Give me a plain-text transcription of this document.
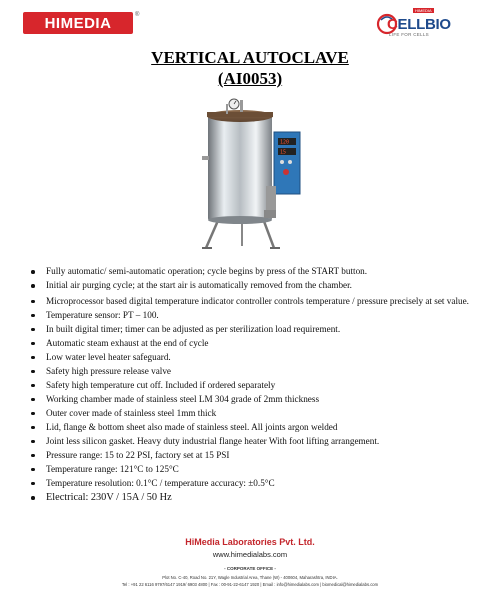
HIMEDIA	®
HIMEDIA
CELLBIO
LIFE FOR CELLS
VERTICAL AUTOCLAVE
(AI0053)
120
15
Fully automatic/ semi-automatic operation; cycle begins by press of the START button.
Initial air purging cycle; at the start air is automatically removed from the chamber.
Microprocessor based digital temperature indicator controller controls temperature / pressure precisely at set value.
Temperature sensor: PT – 100.
In built digital timer; timer can be adjusted as per sterilization load requirement.
Automatic steam exhaust at the end of cycle
Low water level heater safeguard.
Safety high pressure release valve
Safety high temperature cut off. Included if ordered separately
Working chamber made of stainless steel LM 304 grade of 2mm thickness
Outer cover made of stainless steel 1mm thick
Lid, flange & bottom sheet also made of stainless steel. All joints argon welded
Joint less silicon gasket. Heavy duty industrial flange heater With foot lifting arrangement.
Pressure range: 15 to 22 PSI, factory set at 15 PSI
Temperature range: 121°C to 125°C
Temperature resolution: 0.1°C / temperature accuracy: ±0.5°C
Electrical: 230V / 15A / 50 Hz
HiMedia Laboratories Pvt. Ltd.
www.himedialabs.com
- CORPORATE OFFICE -
Plot No. C-40, Road No. 21Y, Wagle Industrial Area, Thane (W) - 400604, Maharashtra, INDIA.
Tel : +91 22 6116 9797/6147 1919/ 6903 4800 | Fax : 00-91-22-6147 1920 | Email : info@himedialabs.com | biomedical@himedialabs.com
